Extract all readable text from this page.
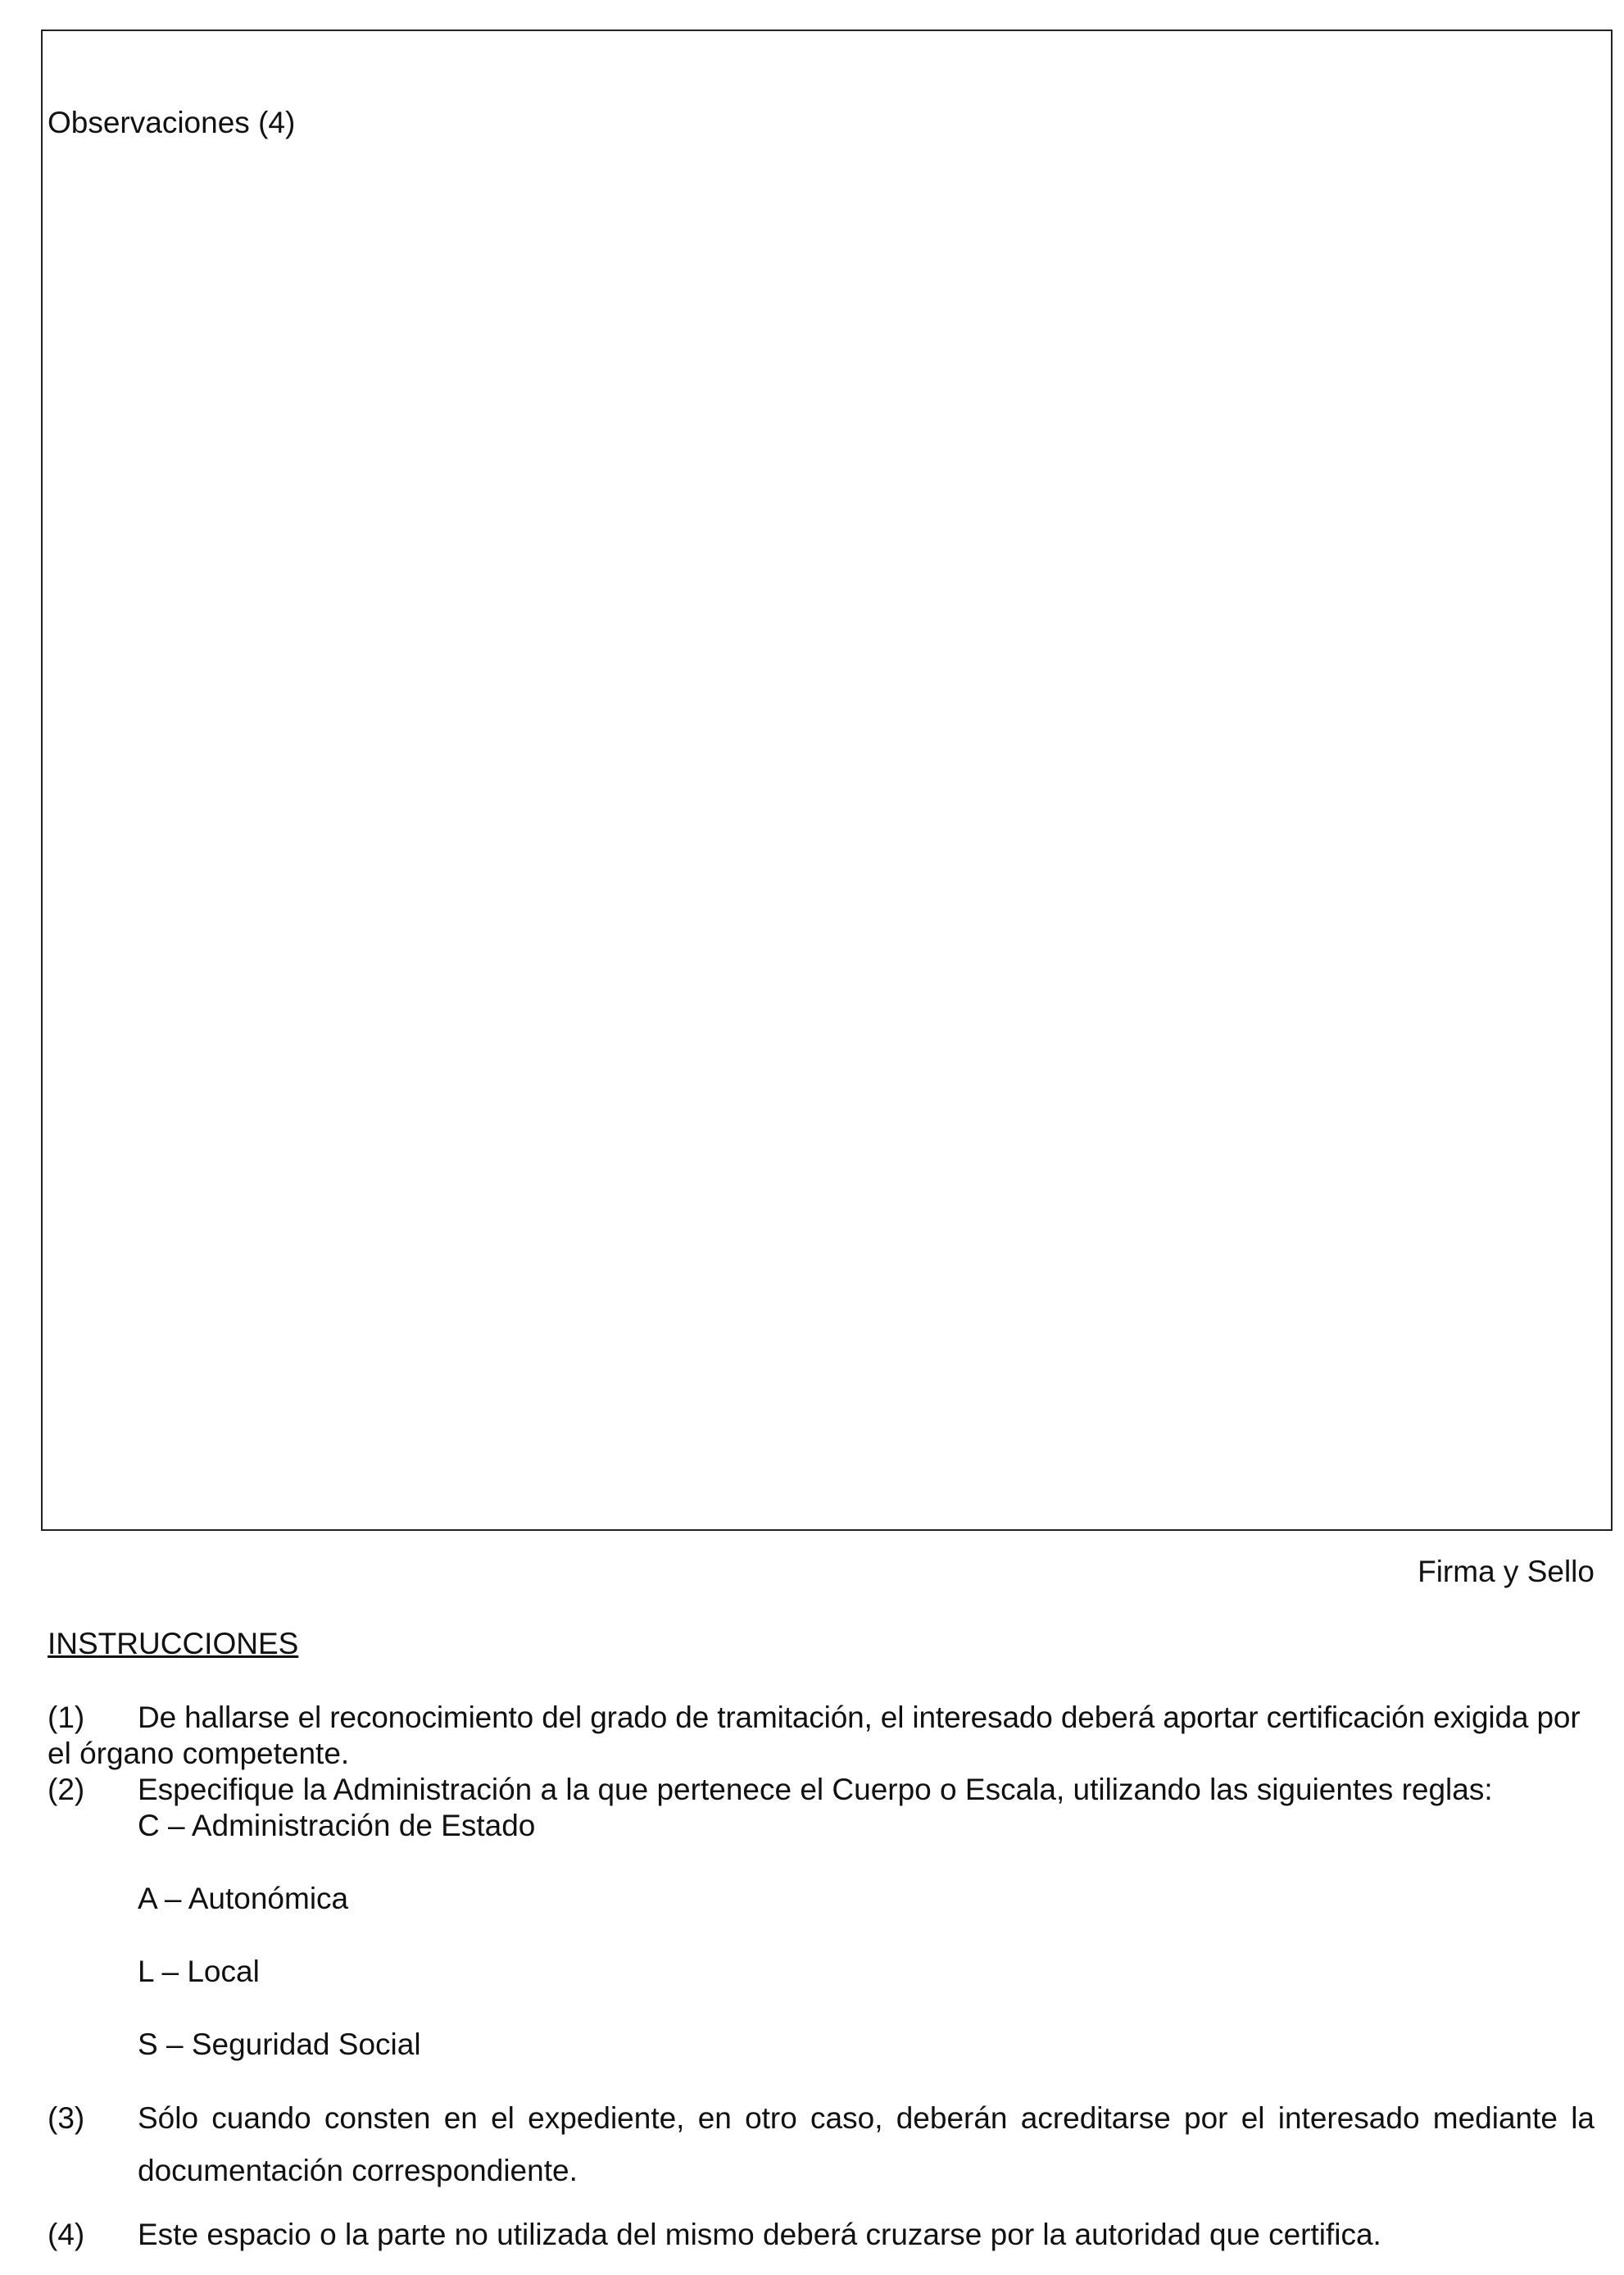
Observaciones (4)
Firma y Sello
INSTRUCCIONES
(1)	De hallarse el reconocimiento del grado de tramitación, el interesado deberá aportar certificación exigida por
el órgano competente.
(2)	Especifique la Administración a la que pertenece el Cuerpo o Escala, utilizando las siguientes reglas:
C – Administración de Estado
A – Autonómica
L – Local
S – Seguridad Social
(3)	Sólo cuando consten en el expediente, en otro caso, deberán acreditarse por el interesado mediante la documentación correspondiente.

(4)	Este espacio o la parte no utilizada del mismo deberá cruzarse por la autoridad que certifica.
